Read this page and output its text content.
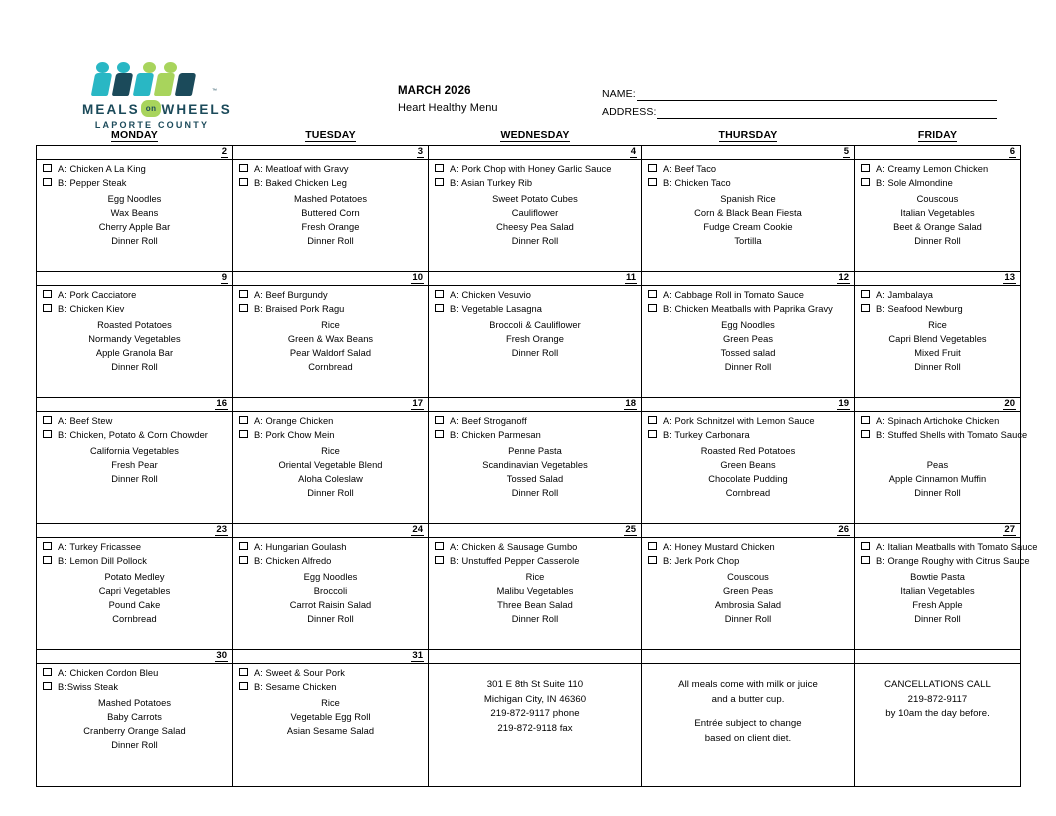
™
MEALS on WHEELS
LAPORTE COUNTY
MARCH 2026
Heart Healthy Menu
NAME:
ADDRESS:
MONDAY	TUESDAY	WEDNESDAY	THURSDAY	FRIDAY
2	3	4	5	6

A: Chicken A La King
B: Pepper Steak
Egg Noodles
Wax Beans
Cherry Apple Bar
Dinner Roll

A: Meatloaf with Gravy
B: Baked Chicken Leg
Mashed Potatoes
Buttered Corn
Fresh Orange
Dinner Roll

A: Pork Chop with Honey Garlic Sauce
B: Asian Turkey Rib
Sweet Potato Cubes
Cauliflower
Cheesy Pea Salad
Dinner Roll

A: Beef Taco
B: Chicken Taco
Spanish Rice
Corn & Black Bean Fiesta
Fudge Cream Cookie
Tortilla

A: Creamy Lemon Chicken
B: Sole Almondine
Couscous
Italian Vegetables
Beet & Orange Salad
Dinner Roll

9	10	11	12	13

A: Pork Cacciatore
B: Chicken Kiev
Roasted Potatoes
Normandy Vegetables
Apple Granola Bar
Dinner Roll

A: Beef Burgundy
B: Braised Pork Ragu
Rice
Green & Wax Beans
Pear Waldorf Salad
Cornbread

A: Chicken Vesuvio
B: Vegetable Lasagna
Broccoli & Cauliflower
Fresh Orange
Dinner Roll

A: Cabbage Roll in Tomato Sauce
B: Chicken Meatballs with Paprika Gravy
Egg Noodles
Green Peas
Tossed salad
Dinner Roll

A: Jambalaya
B: Seafood Newburg
Rice
Capri Blend Vegetables
Mixed Fruit
Dinner Roll

16	17	18	19	20

A: Beef Stew
B: Chicken, Potato & Corn Chowder
California Vegetables
Fresh Pear
Dinner Roll

A: Orange Chicken
B: Pork Chow Mein
Rice
Oriental Vegetable Blend
Aloha Coleslaw
Dinner Roll

A: Beef Stroganoff
B: Chicken Parmesan
Penne Pasta
Scandinavian Vegetables
Tossed Salad
Dinner Roll

A: Pork Schnitzel with Lemon Sauce
B: Turkey Carbonara
Roasted Red Potatoes
Green Beans
Chocolate Pudding
Cornbread

A: Spinach Artichoke Chicken
B: Stuffed Shells with Tomato Sauce

Peas
Apple Cinnamon Muffin
Dinner Roll

23	24	25	26	27

A: Turkey Fricassee
B: Lemon Dill Pollock
Potato Medley
Capri Vegetables
Pound Cake
Cornbread

A: Hungarian Goulash
B: Chicken Alfredo
Egg Noodles
Broccoli
Carrot Raisin Salad
Dinner Roll

A: Chicken & Sausage Gumbo
B: Unstuffed Pepper Casserole
Rice
Malibu Vegetables
Three Bean Salad
Dinner Roll

A: Honey Mustard Chicken
B: Jerk Pork Chop
Couscous
Green Peas
Ambrosia Salad
Dinner Roll

A: Italian Meatballs with Tomato Sauce
B: Orange Roughy with Citrus Sauce
Bowtie Pasta
Italian Vegetables
Fresh Apple
Dinner Roll

30	31			

A: Chicken Cordon Bleu
B:Swiss Steak
Mashed Potatoes
Baby Carrots
Cranberry Orange Salad
Dinner Roll

A: Sweet & Sour Pork
B: Sesame Chicken
Rice
Vegetable Egg Roll
Asian Sesame Salad

301 E 8th St Suite 110
Michigan City, IN 46360
219-872-9117 phone
219-872-9118 fax

All meals come with milk or juice
and a butter cup.
Entrée subject to change
based on client diet.

CANCELLATIONS CALL
219-872-9117
by 10am the day before.
